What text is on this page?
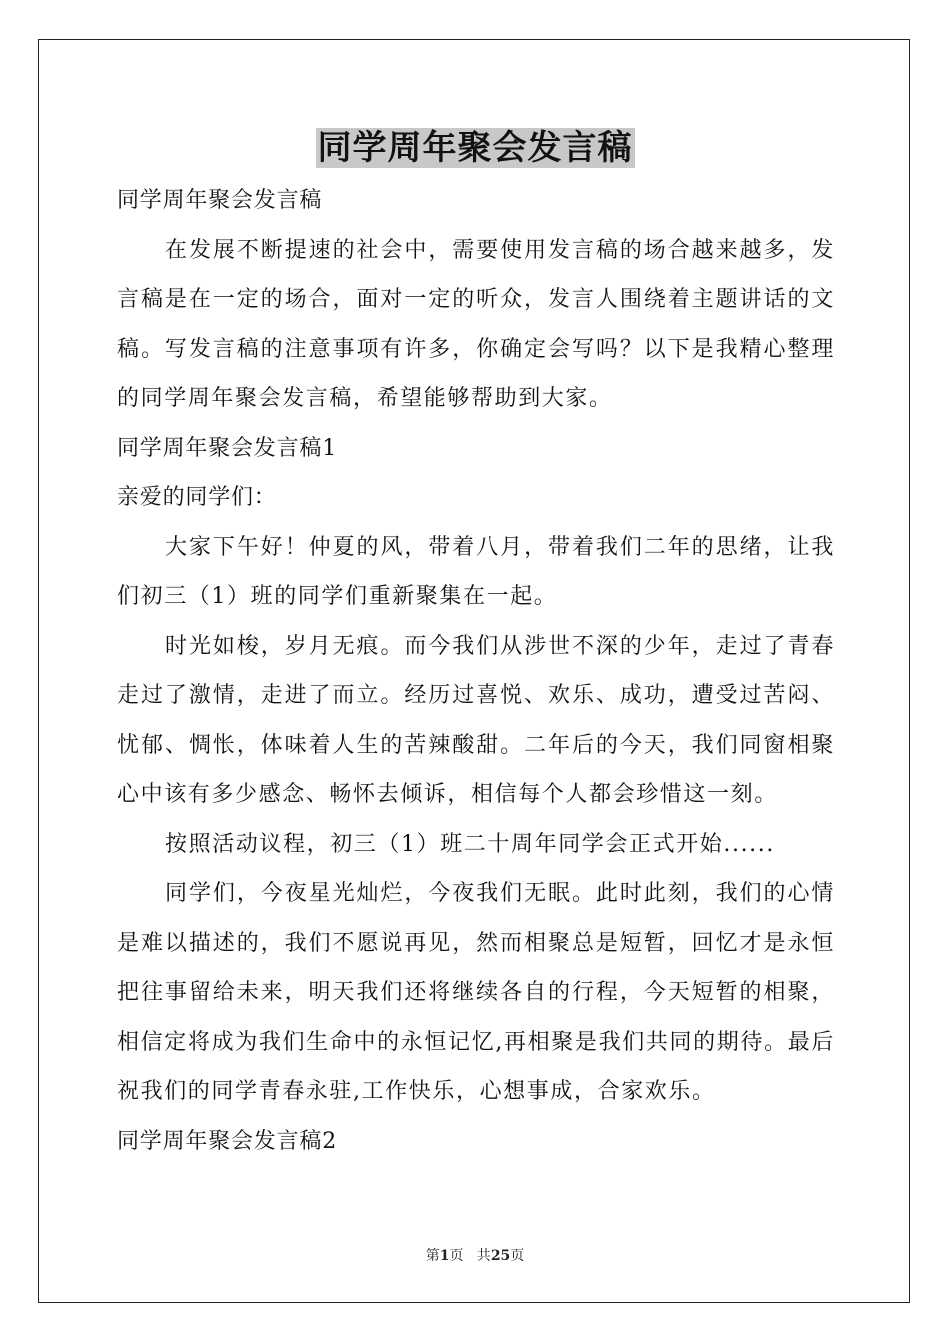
同学周年聚会发言稿

同学周年聚会发言稿

在发展不断提速的社会中，需要使用发言稿的场合越来越多，发言稿是在一定的场合，面对一定的听众，发言人围绕着主题讲话的文稿。写发言稿的注意事项有许多，你确定会写吗？以下是我精心整理的同学周年聚会发言稿，希望能够帮助到大家。

同学周年聚会发言稿1

亲爱的同学们：

大家下午好！仲夏的风，带着八月，带着我们二年的思绪，让我们初三（1）班的同学们重新聚集在一起。

时光如梭，岁月无痕。而今我们从涉世不深的少年，走过了青春走过了激情，走进了而立。经历过喜悦、欢乐、成功，遭受过苦闷、忧郁、惆怅，体味着人生的苦辣酸甜。二年后的今天，我们同窗相聚心中该有多少感念、畅怀去倾诉，相信每个人都会珍惜这一刻。

按照活动议程，初三（1）班二十周年同学会正式开始......

同学们，今夜星光灿烂，今夜我们无眠。此时此刻，我们的心情是难以描述的，我们不愿说再见，然而相聚总是短暂，回忆才是永恒把往事留给未来，明天我们还将继续各自的行程，今天短暂的相聚，相信定将成为我们生命中的永恒记忆,再相聚是我们共同的期待。最后祝我们的同学青春永驻,工作快乐，心想事成，合家欢乐。

同学周年聚会发言稿2

第1页   共25页
